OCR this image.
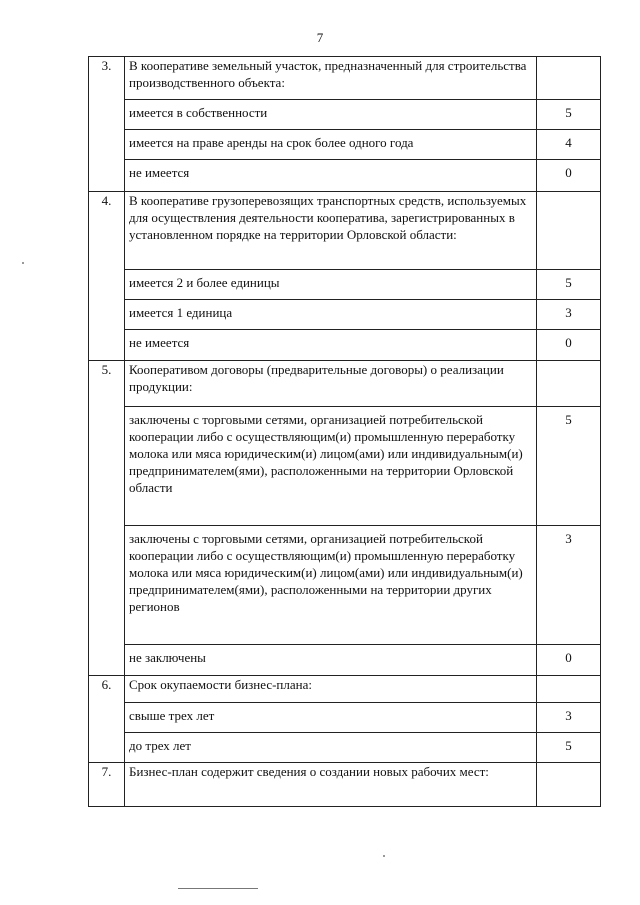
7
3.	В кооперативе земельный участок, предназначенный для строительства производственного объекта:	
	имеется в собственности	5
	имеется на праве аренды на срок более одного года	4
	не имеется	0
4.	В кооперативе грузоперевозящих транспортных средств, используемых для осуществления деятельности кооператива, зарегистрированных в установленном порядке на территории Орловской области:	
	имеется 2 и более единицы	5
	имеется 1 единица	3
	не имеется	0
5.	Кооперативом договоры (предварительные договоры) о реализации продукции:	
	заключены с торговыми сетями, организацией потребительской кооперации либо с осуществляющим(и) промышленную переработку молока или мяса юридическим(и) лицом(ами) или индивидуальным(и) предпринимателем(ями), расположенными на территории Орловской области	5
	заключены с торговыми сетями, организацией потребительской кооперации либо с осуществляющим(и) промышленную переработку молока или мяса юридическим(и) лицом(ами) или индивидуальным(и) предпринимателем(ями), расположенными на территории других регионов	3
	не заключены	0
6.	Срок окупаемости бизнес-плана:	
	свыше трех лет	3
	до трех лет	5
7.	Бизнес-план содержит сведения о создании новых рабочих мест:	
